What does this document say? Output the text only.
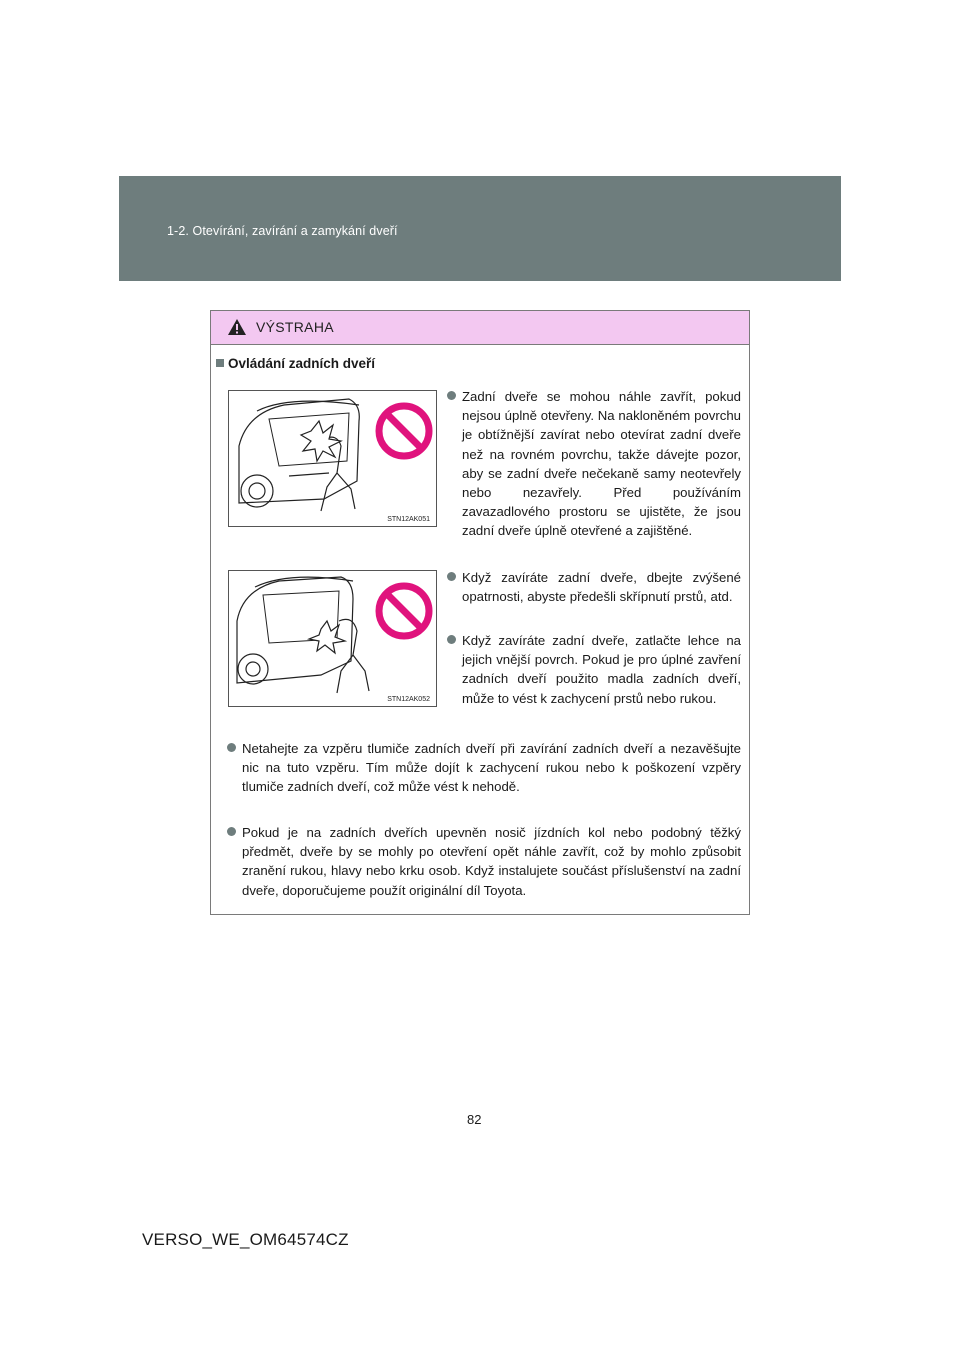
1-2. Otevírání, zavírání a zamykání dveří
VÝSTRAHA
Ovládání zadních dveří
STN12AK051
STN12AK052
Zadní dveře se mohou náhle zavřít, pokud nejsou úplně otevřeny. Na nakloněném povrchu je obtížnější zavírat nebo otevírat zadní dveře než na rovném povrchu, takže dávejte pozor, aby se zadní dveře nečekaně samy neotevřely nebo nezavřely. Před používáním zavazadlového prostoru se ujistěte, že jsou zadní dveře úplně otevřené a zajištěné.
Když zavíráte zadní dveře, dbejte zvýšené opatrnosti, abyste předešli skřípnutí prstů, atd.
Když zavíráte zadní dveře, zatlačte lehce na jejich vnější povrch. Pokud je pro úplné zavření zadních dveří použito madla zadních dveří, může to vést k zachycení prstů nebo rukou.
Netahejte za vzpěru tlumiče zadních dveří při zavírání zadních dveří a nezavěšujte nic na tuto vzpěru. Tím může dojít k zachycení rukou nebo k poškození vzpěry tlumiče zadních dveří, což může vést k nehodě.
Pokud je na zadních dveřích upevněn nosič jízdních kol nebo podobný těžký předmět, dveře by se mohly po otevření opět náhle zavřít, což by mohlo způsobit zranění rukou, hlavy nebo krku osob. Když instalujete součást příslušenství na zadní dveře, doporučujeme použít originální díl Toyota.
82
VERSO_WE_OM64574CZ
